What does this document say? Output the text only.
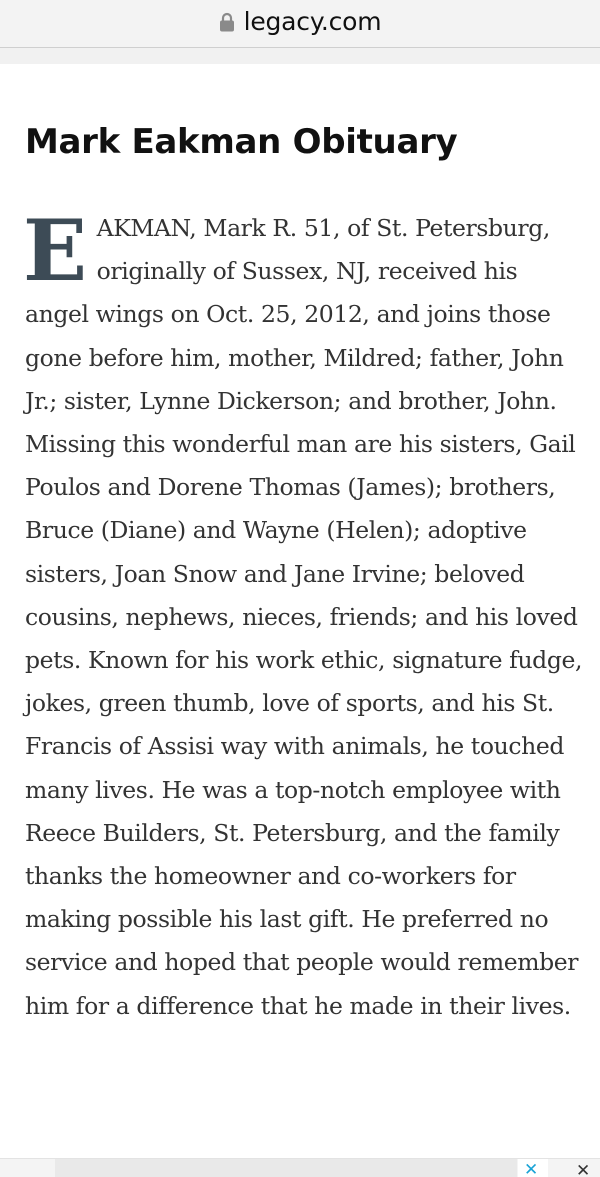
legacy.com
Mark Eakman Obituary

E AKMAN, Mark R. 51, of St. Petersburg, originally of Sussex, NJ, received his angel wings on Oct. 25, 2012, and joins those gone before him, mother, Mildred; father, John Jr.; sister, Lynne Dickerson; and brother, John. Missing this wonderful man are his sisters, Gail Poulos and Dorene Thomas (James); brothers, Bruce (Diane) and Wayne (Helen); adoptive sisters, Joan Snow and Jane Irvine; beloved cousins, nephews, nieces, friends; and his loved pets. Known for his work ethic, signature fudge, jokes, green thumb, love of sports, and his St. Francis of Assisi way with animals, he touched many lives. He was a top-notch employee with Reece Builders, St. Petersburg, and the family thanks the homeowner and co-workers for making possible his last gift. He preferred no service and hoped that people would remember him for a difference that he made in their lives.

✕ ✕
